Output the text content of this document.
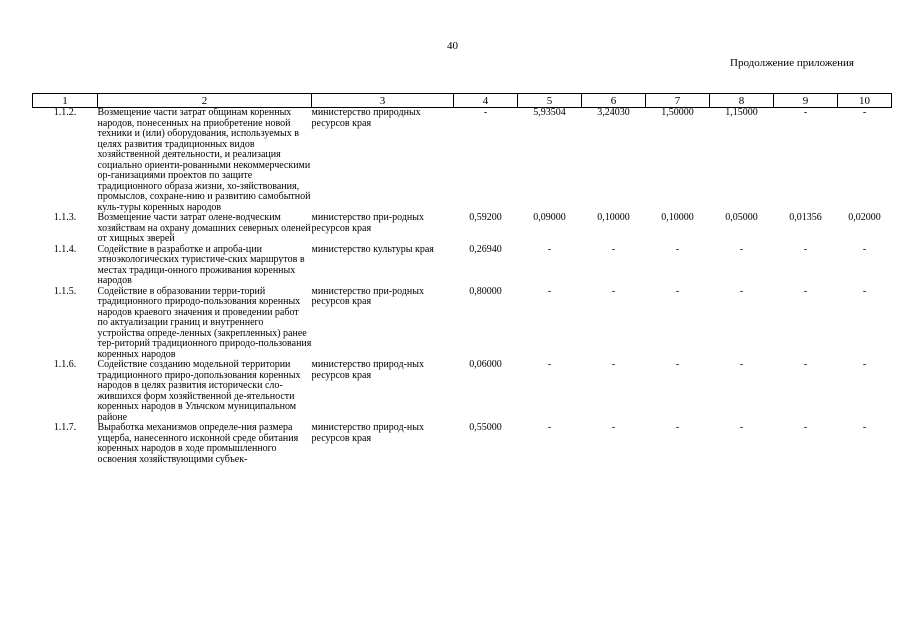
40
Продолжение приложения
1	2	3	4	5	6	7	8	9	10
1.1.2.	Возмещение части затрат общинам коренных народов, понесенных на приобретение новой техники и (или) оборудования, используемых в целях развития традиционных видов хозяйственной деятельности, и реализация социально ориенти-рованными некоммерческими ор-ганизациями проектов по защите традиционного образа жизни, хо-зяйствования, промыслов, сохране-нию и развитию самобытной куль-туры коренных народов	министерство природных ресурсов края	-	5,93504	3,24030	1,50000	1,15000	-	-
1.1.3.	Возмещение части затрат олене-водческим хозяйствам на охрану домашних северных оленей от хищных зверей	министерство при-родных ресурсов края	0,59200	0,09000	0,10000	0,10000	0,05000	0,01356	0,02000
1.1.4.	Содействие в разработке и апроба-ции этноэкологических туристиче-ских маршрутов в местах традици-онного проживания коренных народов	министерство культуры края	0,26940	-	-	-	-	-	-
1.1.5.	Содействие в образовании терри-торий традиционного природо-пользования коренных народов краевого значения и проведении работ по актуализации границ и внутреннего устройства опреде-ленных (закрепленных) ранее тер-риторий традиционного природо-пользования коренных народов	министерство при-родных ресурсов края	0,80000	-	-	-	-	-	-
1.1.6.	Содействие созданию модельной территории традиционного приро-допользования коренных народов в целях развития исторически сло-жившихся форм хозяйственной де-ятельности коренных народов в Ульчском муниципальном районе	министерство природ-ных ресурсов края	0,06000	-	-	-	-	-	-
1.1.7.	Выработка механизмов определе-ния размера ущерба, нанесенного исконной среде обитания коренных народов в ходе промышленного освоения хозяйствующими субъек-	министерство природ-ных ресурсов края	0,55000	-	-	-	-	-	-
